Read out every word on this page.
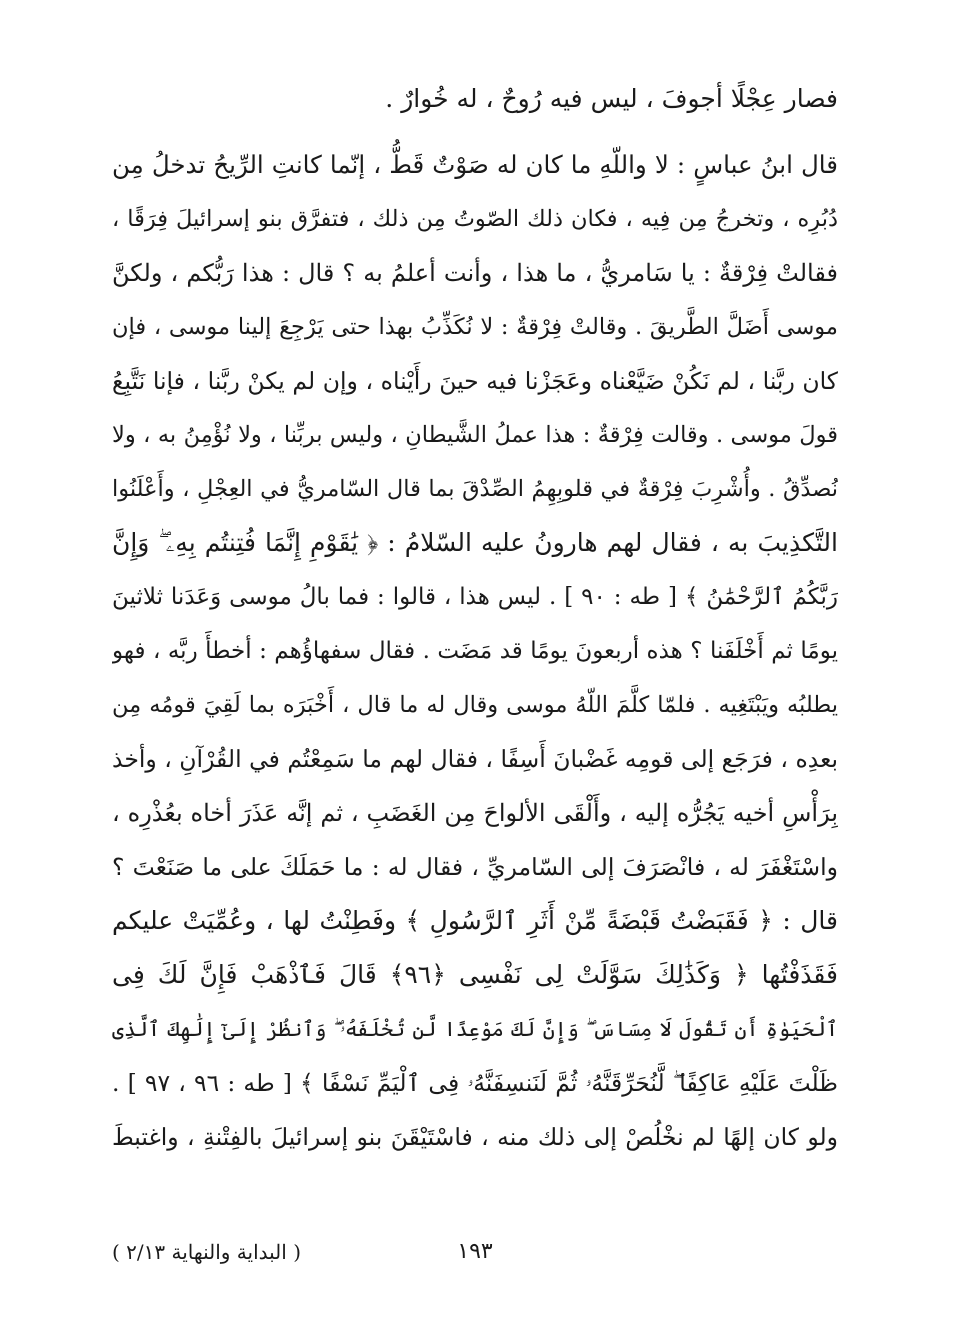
فصار عِجْلًا أجوفَ ، ليس فيه رُوحٌ ، له خُوارٌ .
قال ابنُ عباسٍ : لا واللّهِ ما كان له صَوْتٌ قَطُّ ، إنّما كانتِ الرِّيحُ تدخلُ مِن
دُبُرِه ، وتخرجُ مِن فِيه ، فكان ذلك الصّوتُ مِن ذلك ، فتفرَّق بنو إسرائيلَ فِرَقًا ،
فقالتْ فِرْقةٌ : يا سَامريُّ ، ما هذا ، وأنت أعلمُ به ؟ قال : هذا رَبُّكم ، ولكنَّ
موسى أَضَلَّ الطَّريقَ . وقالتْ فِرْقةٌ : لا نُكَذِّبُ بهذا حتى يَرْجِعَ إلينا موسى ، فإن
كان ربَّنا ، لم نَكُنْ ضَيَّعْناه وعَجَزْنا فيه حينَ رأَيْناه ، وإن لم يكنْ ربَّنا ، فإنا نَتَّبِعُ
قولَ موسى . وقالت فِرْقةٌ : هذا عملُ الشَّيطانِ ، وليس بربِّنا ، ولا نُؤْمِنُ به ، ولا
نُصدِّقُ . وأُشْرِبَ فِرْقةٌ في قلوبِهِمُ الصِّدْقَ بما قال السّامريُّ في العِجْلِ ، وأَعْلَنُوا
التَّكذِيبَ به ، فقال لهم هارونُ عليه السّلامُ : ﴿ يَٰقَوْمِ إِنَّمَا فُتِنتُم بِهِۦ ۖ وَإِنَّ
رَبَّكُمُ ٱلرَّحْمَٰنُ ﴾ [ طه : ٩٠ ] . ليس هذا ، قالوا : فما بالُ موسى وَعَدَنا ثلاثينَ
يومًا ثم أَخْلَفَنا ؟ هذه أربعونَ يومًا قد مَضَت . فقال سفهاؤُهم : أخطأَ ربَّه ، فهو
يطلبُه ويَبْتَغِيه . فلمّا كلَّمَ اللّهُ موسى وقال له ما قال ، أَخْبَرَه بما لَقِيَ قومُه مِن
بعدِه ، فرَجَع إلى قومِه غَضْبانَ أَسِفًا ، فقال لهم ما سَمِعْتُم في القُرْآنِ ، وأخذ
بِرَأْسِ أخيه يَجُرُّه إليه ، وأَلْقَى الألواحَ مِن الغَضَبِ ، ثم إنَّه عَذَرَ أخاه بعُذْرِه ،
واسْتَغْفَرَ له ، فانْصَرَفَ إلى السّامريِّ ، فقال له : ما حَمَلَكَ على ما صَنَعْتَ ؟
قال : ﴿ فَقَبَضْتُ قَبْضَةً مِّنْ أَثَرِ ٱلرَّسُولِ ﴾ وفَطِنْتُ لها ، وعُمِّيَتْ عليكم
فَقَذَفْتُها ﴿ وَكَذَٰلِكَ سَوَّلَتْ لِى نَفْسِى ﴿٩٦﴾ قَالَ فَٱذْهَبْ فَإِنَّ لَكَ فِى
ٱلْحَيَوٰةِ أَن تَقُولَ لَا مِسَاسَ ۖ وَإِنَّ لَكَ مَوْعِدًا لَّن تُخْلَفَهُۥ ۖ وَٱنظُرْ إِلَىٰٓ إِلَٰهِكَ ٱلَّذِى
ظَلْتَ عَلَيْهِ عَاكِفًا ۖ لَّنُحَرِّقَنَّهُۥ ثُمَّ لَنَنسِفَنَّهُۥ فِى ٱلْيَمِّ نَسْفًا ﴾ [ طه : ٩٦ ، ٩٧ ] .
ولو كان إلهًا لم نخْلُصْ إلى ذلك منه ، فاسْتَيْقَنَ بنو إسرائيلَ بالفِتْنةِ ، واغتبطَ
١٩٣
( البداية والنهاية ٢/١٣ )
